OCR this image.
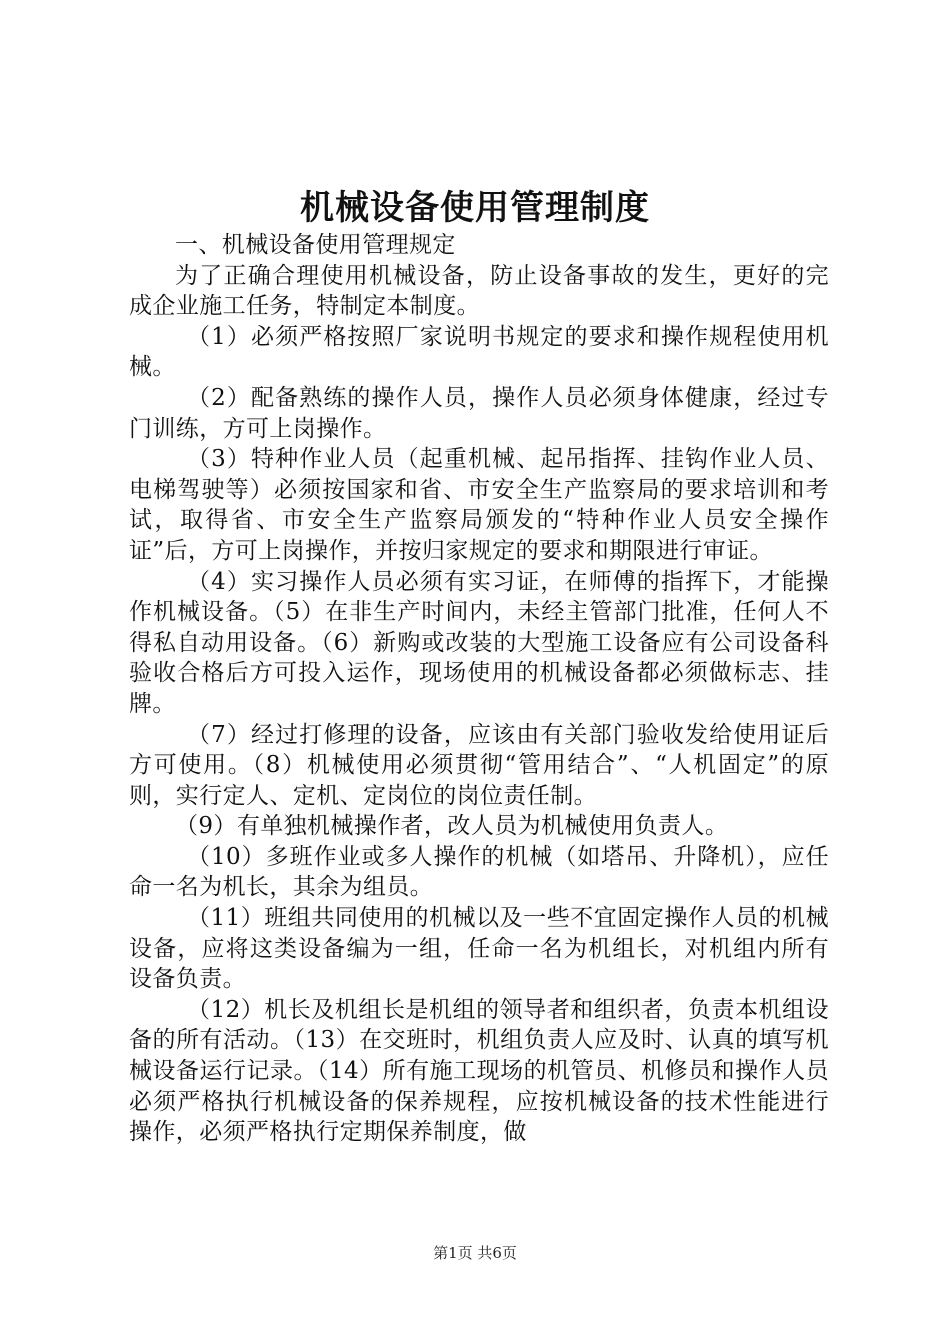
机械设备使用管理制度

一、机械设备使用管理规定

为了正确合理使用机械设备，防止设备事故的发生，更好的完成企业施工任务，特制定本制度。

（1）必须严格按照厂家说明书规定的要求和操作规程使用机械。

（2）配备熟练的操作人员，操作人员必须身体健康，经过专门训练，方可上岗操作。

（3）特种作业人员（起重机械、起吊指挥、挂钩作业人员、电梯驾驶等）必须按国家和省、市安全生产监察局的要求培训和考试，取得省、市安全生产监察局颁发的“特种作业人员安全操作证”后，方可上岗操作，并按归家规定的要求和期限进行审证。

（4）实习操作人员必须有实习证，在师傅的指挥下，才能操作机械设备。（5）在非生产时间内，未经主管部门批准，任何人不得私自动用设备。（6）新购或改装的大型施工设备应有公司设备科验收合格后方可投入运作，现场使用的机械设备都必须做标志、挂牌。

（7）经过打修理的设备，应该由有关部门验收发给使用证后方可使用。（8）机械使用必须贯彻“管用结合”、“人机固定”的原则，实行定人、定机、定岗位的岗位责任制。

（9）有单独机械操作者，改人员为机械使用负责人。

（10）多班作业或多人操作的机械（如塔吊、升降机），应任命一名为机长，其余为组员。

（11）班组共同使用的机械以及一些不宜固定操作人员的机械设备，应将这类设备编为一组，任命一名为机组长，对机组内所有设备负责。

（12）机长及机组长是机组的领导者和组织者，负责本机组设备的所有活动。（13）在交班时，机组负责人应及时、认真的填写机械设备运行记录。（14）所有施工现场的机管员、机修员和操作人员必须严格执行机械设备的保养规程，应按机械设备的技术性能进行操作，必须严格执行定期保养制度，做

第1页 共6页
